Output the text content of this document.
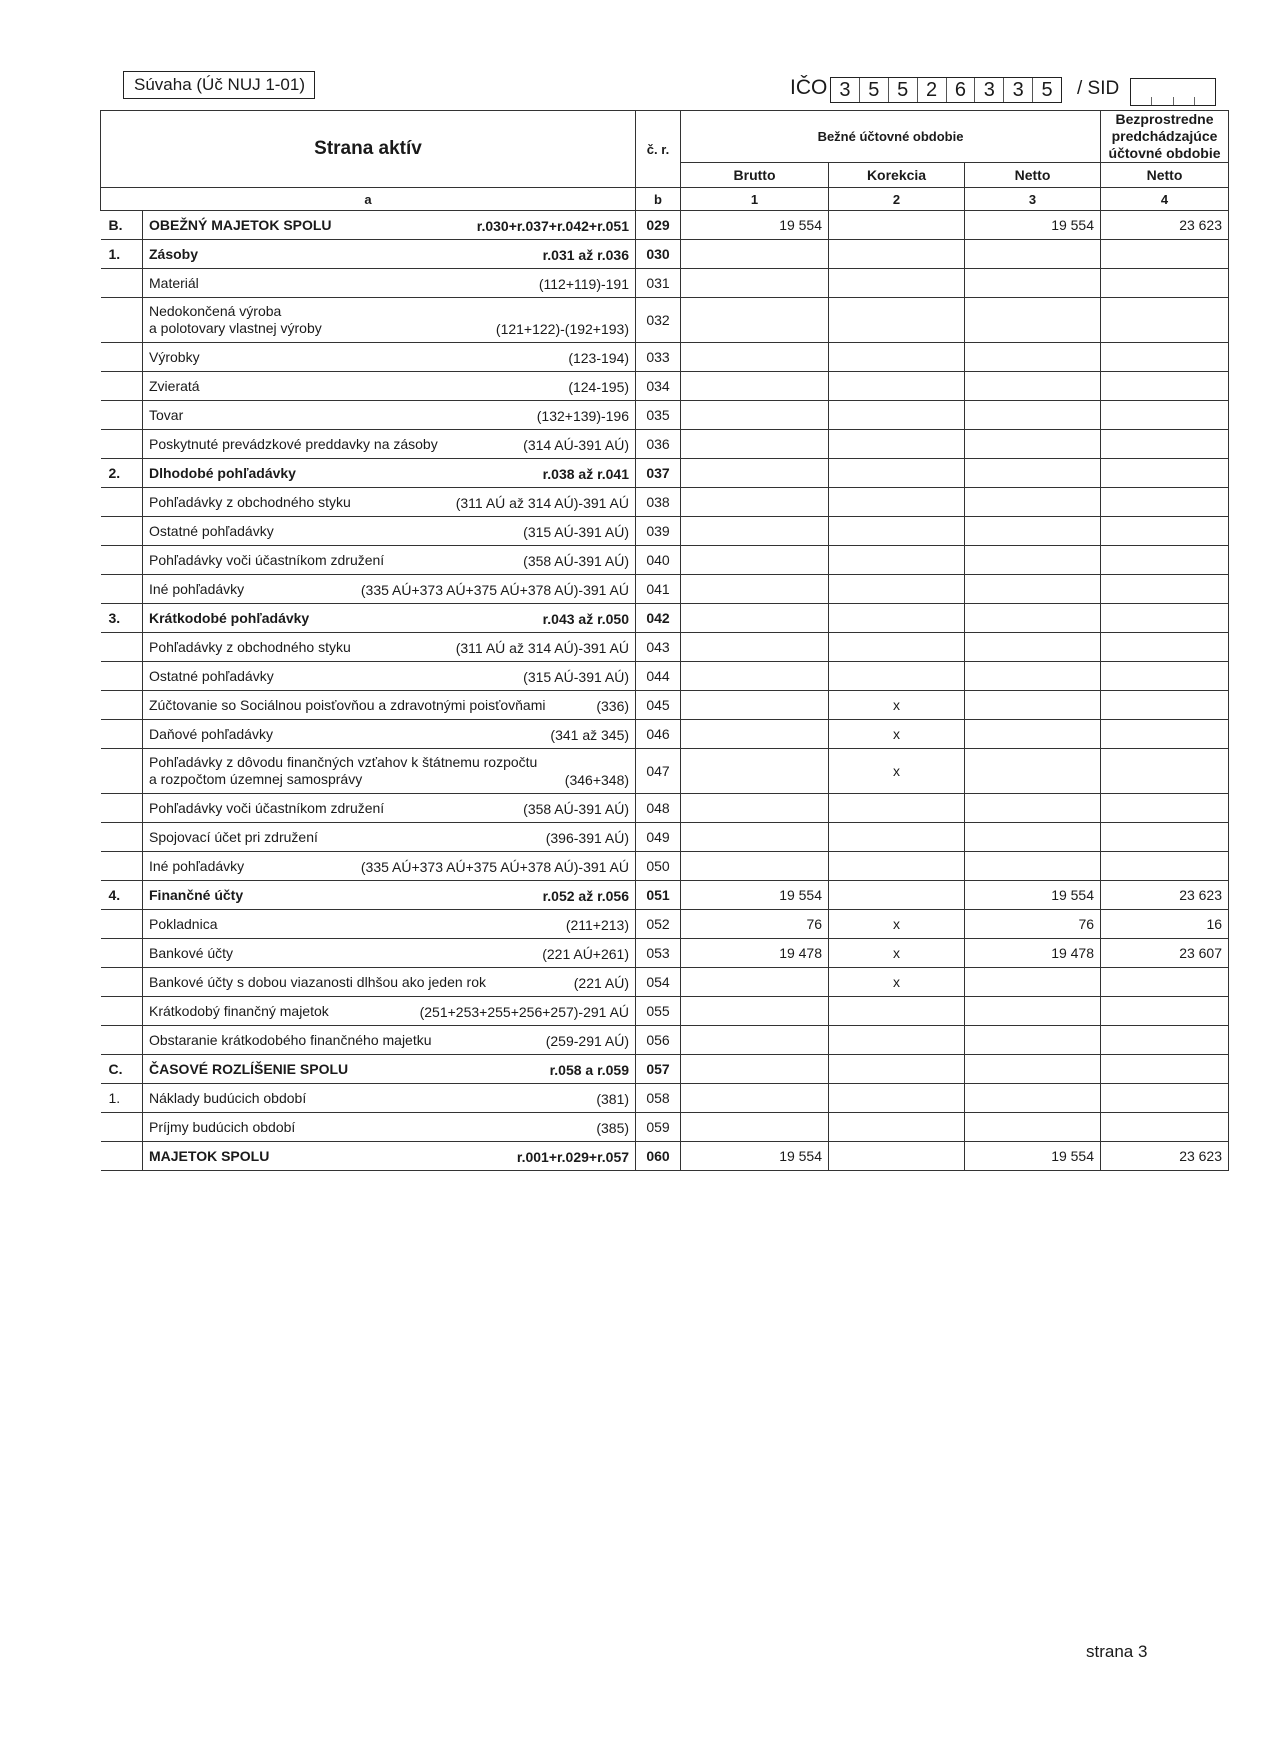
Súvaha (Úč NUJ 1-01)	IČO 3 5 5 2 6 3 3 5	/ SID
Strana aktív		č. r.	Bežné účtovné obdobie			Bezprostredne predchádzajúce účtovné obdobie
			Brutto	Korekcia	Netto	Netto
a		b	1	2	3	4
B.	OBEŽNÝ MAJETOK SPOLU r.030+r.037+r.042+r.051	029	19 554		19 554	23 623
1.	Zásoby r.031 až r.036	030				

	Materiál (112+119)-191	031				

	Nedokončená výroba
a polotovary vlastnej výroby (121+122)-(192+193)	032				

	Výrobky (123-194)	033				

	Zvieratá (124-195)	034				

	Tovar (132+139)-196	035				

	Poskytnuté prevádzkové preddavky na zásoby (314 AÚ-391 AÚ)	036				
2.	Dlhodobé pohľadávky r.038 až r.041	037				

	Pohľadávky z obchodného styku (311 AÚ až 314 AÚ)-391 AÚ	038				

	Ostatné pohľadávky (315 AÚ-391 AÚ)	039				

	Pohľadávky voči účastníkom združení (358 AÚ-391 AÚ)	040				

	Iné pohľadávky (335 AÚ+373 AÚ+375 AÚ+378 AÚ)-391 AÚ	041				
3.	Krátkodobé pohľadávky r.043 až r.050	042				

	Pohľadávky z obchodného styku (311 AÚ až 314 AÚ)-391 AÚ	043				

	Ostatné pohľadávky (315 AÚ-391 AÚ)	044				

	Zúčtovanie so Sociálnou poisťovňou a zdravotnými poisťovňami (336)	045		x		

	Daňové pohľadávky (341 až 345)	046		x		

	Pohľadávky z dôvodu finančných vzťahov k štátnemu rozpočtu
a rozpočtom územnej samosprávy (346+348)	047		x		

	Pohľadávky voči účastníkom združení (358 AÚ-391 AÚ)	048				

	Spojovací účet pri združení (396-391 AÚ)	049				

	Iné pohľadávky (335 AÚ+373 AÚ+375 AÚ+378 AÚ)-391 AÚ	050				
4.	Finančné účty r.052 až r.056	051	19 554		19 554	23 623

	Pokladnica (211+213)	052	76	x	76	16

	Bankové účty (221 AÚ+261)	053	19 478	x	19 478	23 607

	Bankové účty s dobou viazanosti dlhšou ako jeden rok (221 AÚ)	054		x		

	Krátkodobý finančný majetok (251+253+255+256+257)-291 AÚ	055				

	Obstaranie krátkodobého finančného majetku (259-291 AÚ)	056				
C.	ČASOVÉ ROZLÍŠENIE SPOLU r.058 a r.059	057				
1.	Náklady budúcich období (381)	058				

	Príjmy budúcich období (385)	059				

	MAJETOK SPOLU r.001+r.029+r.057	060	19 554		19 554	23 623
strana 3
